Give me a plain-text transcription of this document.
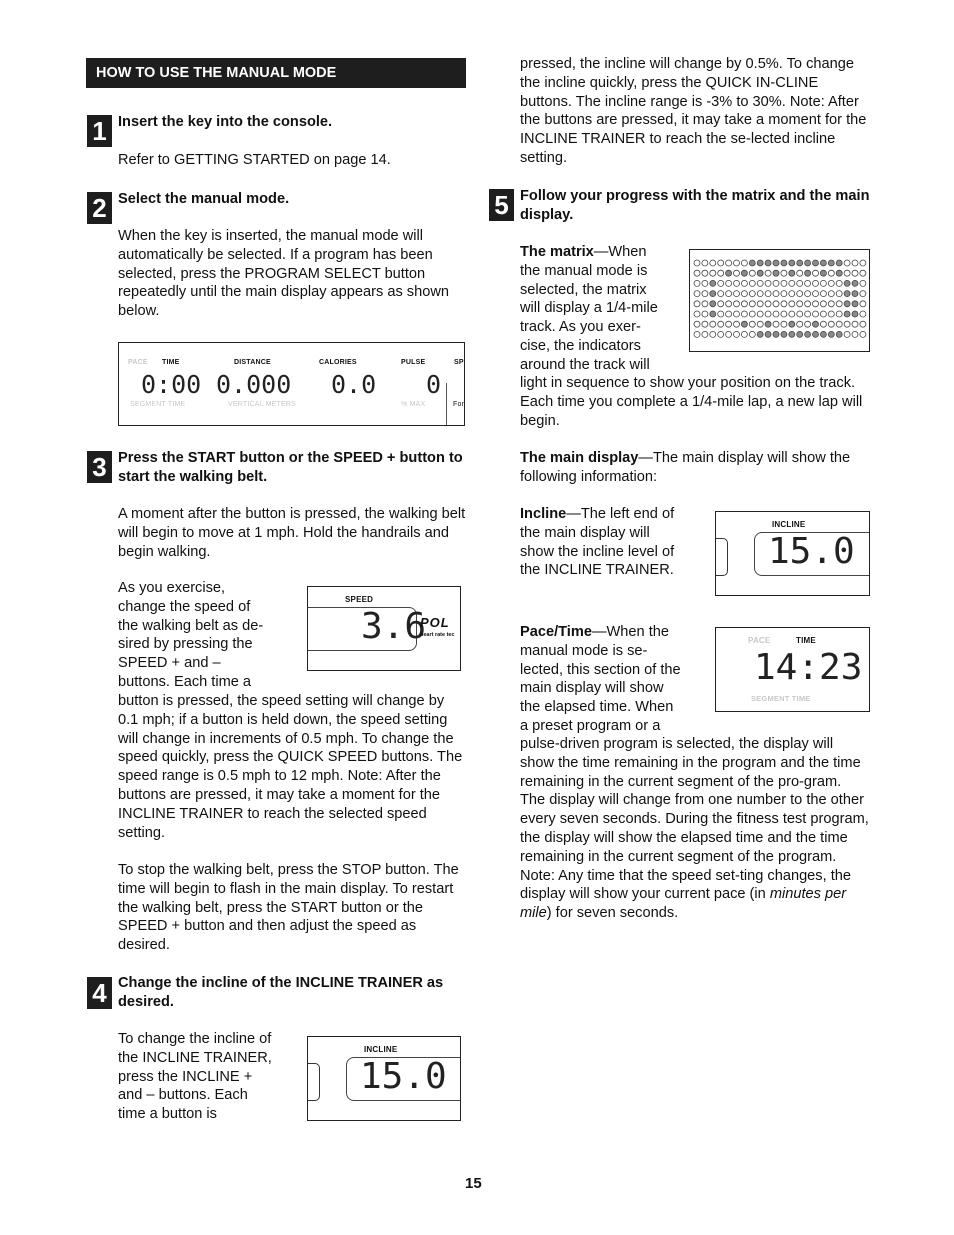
HOW TO USE THE MANUAL MODE
1 Insert the key into the console.

Refer to GETTING STARTED on page 14.

2 Select the manual mode.

When the key is inserted, the manual mode will automatically be selected. If a program has been selected, press the PROGRAM SELECT button repeatedly until the main display appears as shown below.

PACE TIME	DISTANCE	CALORIES	PULSE	SP
0:00 0.000 0.0 0
SEGMENT TIME	VERTICAL METERS	% MAX	For
3 Press the START button or the SPEED + button to start the walking belt.

A moment after the button is pressed, the walking belt will begin to move at 1 mph. Hold the handrails and begin walking.

As you exercise,
change the speed of
the walking belt as de-
sired by pressing the
SPEED + and –
buttons. Each time a

button is pressed, the speed setting will change by 0.1 mph; if a button is held down, the speed setting will change in increments of 0.5 mph. To change the speed quickly, press the QUICK SPEED buttons. The speed range is 0.5 mph to 12 mph. Note: After the buttons are pressed, it may take a moment for the INCLINE TRAINER to reach the selected speed setting.

SPEED
3.6
POL
heart rate tec

To stop the walking belt, press the STOP button. The time will begin to flash in the main display. To restart the walking belt, press the START button or the SPEED + button and then adjust the speed as desired.

4 Change the incline of the INCLINE TRAINER as desired.

To change the incline of
the INCLINE TRAINER,
press the INCLINE +
and – buttons. Each
time a button is
INCLINE
15.0

pressed, the incline will change by 0.5%. To change the incline quickly, press the QUICK IN-CLINE buttons. The incline range is -3% to 30%. Note: After the buttons are pressed, it may take a moment for the INCLINE TRAINER to reach the se-lected incline setting.

5 Follow your progress with the matrix and the main display.

The matrix—When
the manual mode is
selected, the matrix
will display a 1/4-mile
track. As you exer-
cise, the indicators
around the track will

light in sequence to show your position on the track. Each time you complete a 1/4-mile lap, a new lap will begin.

The main display—The main display will show the following information:

Incline—The left end of
the main display will
show the incline level of
the INCLINE TRAINER.
INCLINE
15.0
Pace/Time—When the
manual mode is se-
lected, this section of the
main display will show
the elapsed time. When
a preset program or a

pulse-driven program is selected, the display will show the time remaining in the program and the time remaining in the current segment of the pro-gram. The display will change from one number to the other every seven seconds. During the fitness test program, the display will show the elapsed time and the time remaining in the current segment of the program. Note: Any time that the speed set-ting changes, the display will show your current pace (in minutes per mile) for seven seconds.

PACE	TIME
14:23
SEGMENT TIME
15
